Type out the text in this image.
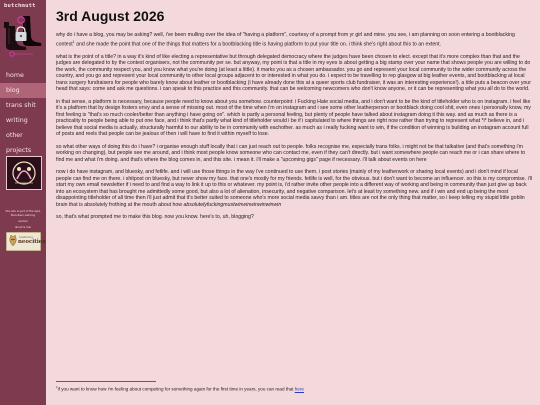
butchmutt
home
blog
trans shit
writing
other projects
this site is part of the dyke Biscuiteer webring
random
about & hub
hosted by
neocities
3rd August 2026

why do i have a blog, you may be asking? well, i've been mulling over the idea of "having a platform", courtesy of a prompt from yr girl and mine. you see, i am planning on soon entering a bootblacking contest$^1$ and she made the point that one of the things that matters for a bootblacking title is having platform to put your title on. i think she's right about this to an extent.

what is the point of a title? in a way it's kind of like electing a representative but through delegated democracy where the judges have been chosen to elect. except that it's more complex than that and the judges are delegated to by the contest organisers, not the community per se. but anyway, my point is that a title in my eyes is about getting a big stamp over your name that shows people you are willing to do the work, the community respect you, and you know what you're doing (at least a little). it marks you as a chosen ambassador. you go and represent your local community to the wider community across the country, and you go and represent your local community to other local groups adjacent to or interested in what you do. i expect to be travelling to rep glasgow at big leather events, and bootblacking at local trans surgery fundraisers for people who barely know about leather or bootblacking (i have already done this at a queer sports club fundraiser, it was an interesting experience!). a title puts a beacon over your head that says: come and ask me questions. i can speak to this practice and this community. that can be welcoming newcomers who don't know anyone, or it can be representing what you all do to the world.

in that sense, a platform is necessary, because people need to know about you somehow. counterpoint: i Fucking Hate social media, and i don't want to be the kind of titleholder who is on instagram. i feel like it's a platform that by design fosters envy and a sense of missing out. most of the time when i'm on instagram and i see some other leatherperson or bootblack doing cool shit, even ones i personally know, my first feeling is "that's so much cooler/better than anything i have going on". which is partly a personal feeling, but plenty of people have talked about instagram doing it this way. and as much as there is a practicality to people being able to put one face, and i think that's partly what kind of titleholder would i be if i capitulated to where things are right now rather than trying to represent what *i* believe in, and i believe that social media is actually, structurally harmful to our ability to be in community with eachother. as much as i really fucking want to win, if the condition of winning is building an instagram account full of posts and reels that people can be jealous of then i will have to find it within myself to lose.

so what other ways of doing this do i have? i organise enough stuff locally that i can just reach out to people. folks recognise me, especially trans folks. i might not be that talkative (and that's something i'm working on changing), but people see me around, and i think most people know someone who can contact me, even if they can't directly. but i want somewhere people can reach me or i can share where to find me and what i'm doing. and that's where the blog comes in, and this site. i mean it. i'll make a "upcoming gigs" page if necessary. i'll talk about events on here

now i do have instagram, and bluesky, and fetlife. and i will use those things in the way i've continued to use them. i post stories (mainly of my leatherwork or sharing local events) and i don't mind if local people can find me on there. i shitpost on bluesky, but never show my face. that one's mostly for my friends. fetlife is well, for the obvious. but i don't want to become an influencer. so this is my compromise. i'll start my own email newsletter if i need to and find a way to link it up to this or whatever. my point is, i'd rather invite other people into a different way of working and being in community than just give up back into an ecosystem that has brought me admittedly some good, but also a lot of alienation, insecurity, and negative comparison. let's at least try something new. and if i win and end up being the most disappointing titleholder of all time then i'll just admit that it's better suited to someone who's more social media savvy than i am. titles are not the only thing that matter, so i keep telling my stupid little goblin brain that is absolutely frothing at the mouth about how absolutelyfuckingmustwinwinwinwinwinwin

so, that's what prompted me to make this blog. now you know. here's to, uh, blogging?

$^1$if you want to know how i'm feeling about competing for something again for the first time in years, you can read that here
